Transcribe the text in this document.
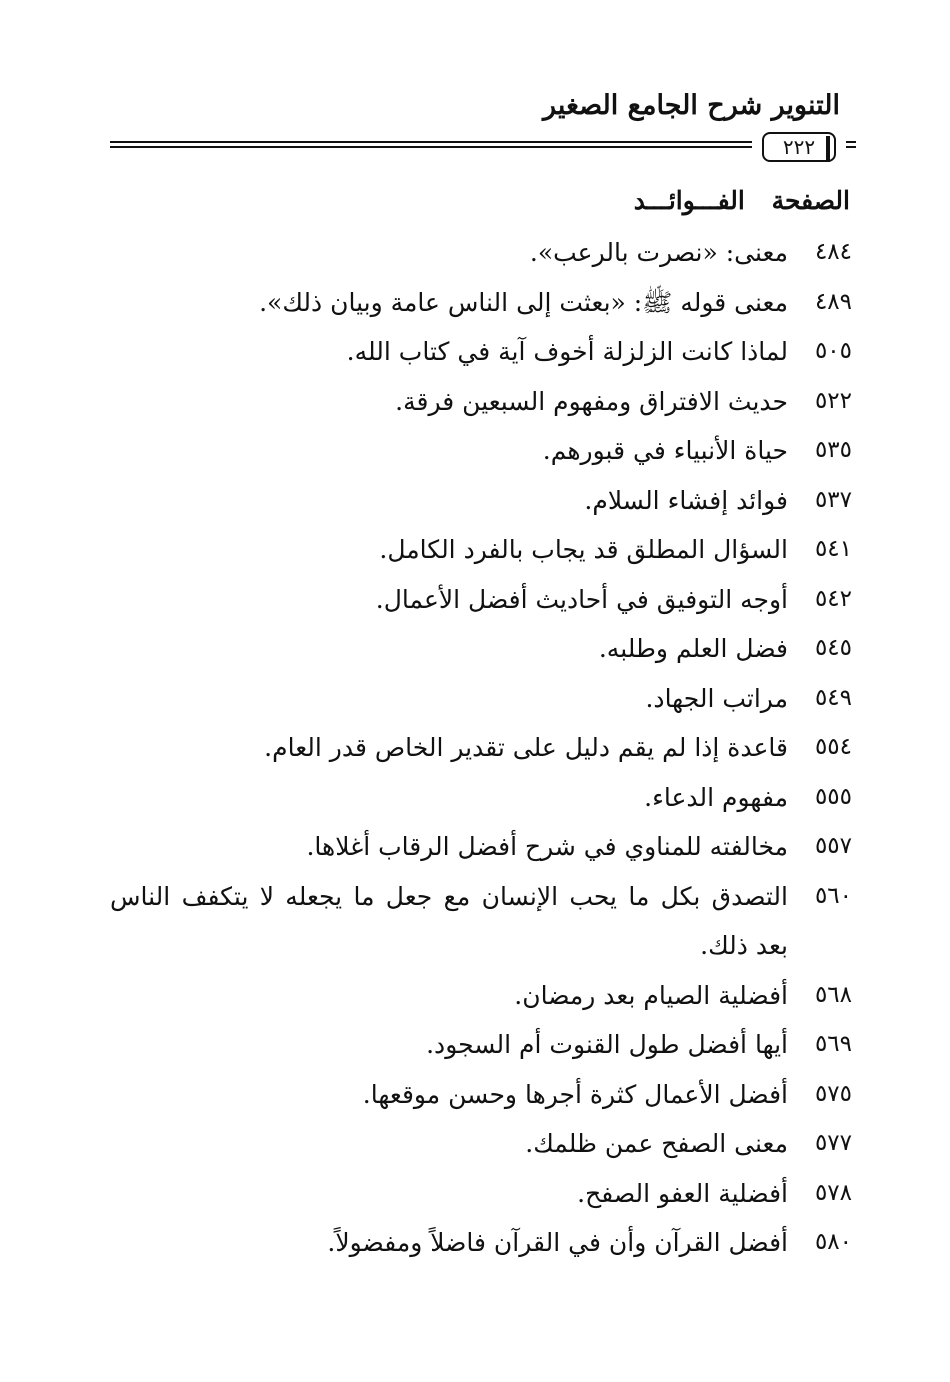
التنوير شرح الجامع الصغير
٢٢٢
الصفحة الفـــوائـــد
٤٨٤
معنى: «نصرت بالرعب».
٤٨٩
معنى قوله ﷺ: «بعثت إلى الناس عامة وبيان ذلك».
٥٠٥
لماذا كانت الزلزلة أخوف آية في كتاب الله.
٥٢٢
حديث الافتراق ومفهوم السبعين فرقة.
٥٣٥
حياة الأنبياء في قبورهم.
٥٣٧
فوائد إفشاء السلام.
٥٤١
السؤال المطلق قد يجاب بالفرد الكامل.
٥٤٢
أوجه التوفيق في أحاديث أفضل الأعمال.
٥٤٥
فضل العلم وطلبه.
٥٤٩
مراتب الجهاد.
٥٥٤
قاعدة إذا لم يقم دليل على تقدير الخاص قدر العام.
٥٥٥
مفهوم الدعاء.
٥٥٧
مخالفته للمناوي في شرح أفضل الرقاب أغلاها.
٥٦٠
التصدق بكل ما يحب الإنسان مع جعل ما يجعله لا يتكفف الناس بعد ذلك.
٥٦٨
أفضلية الصيام بعد رمضان.
٥٦٩
أيها أفضل طول القنوت أم السجود.
٥٧٥
أفضل الأعمال كثرة أجرها وحسن موقعها.
٥٧٧
معنى الصفح عمن ظلمك.
٥٧٨
أفضلية العفو الصفح.
٥٨٠
أفضل القرآن وأن في القرآن فاضلاً ومفضولاً.
